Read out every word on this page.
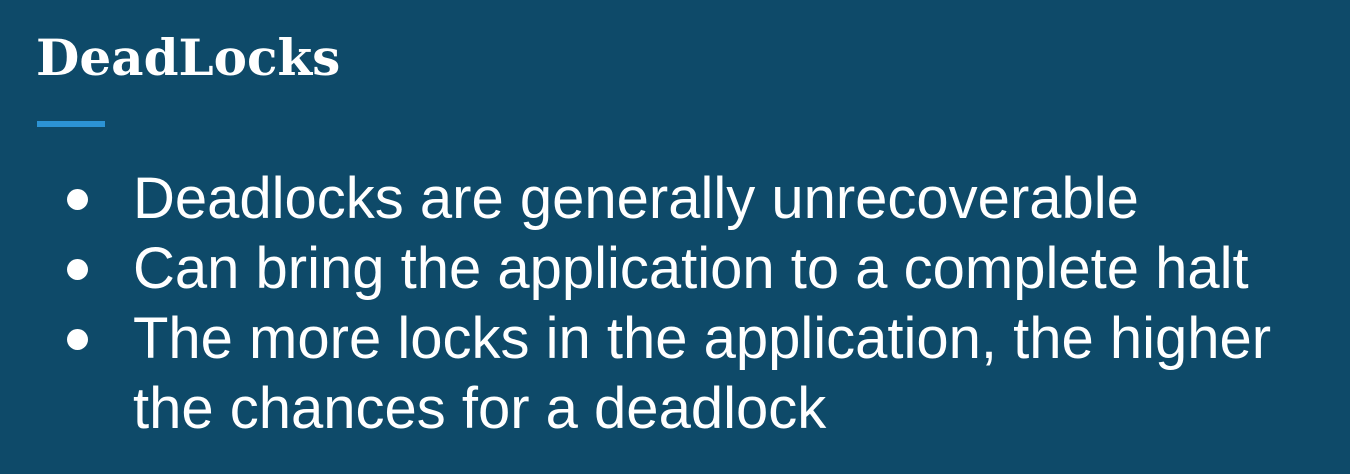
DeadLocks
Deadlocks are generally unrecoverable
Can bring the application to a complete halt
The more locks in the application, the higher the chances for a deadlock
